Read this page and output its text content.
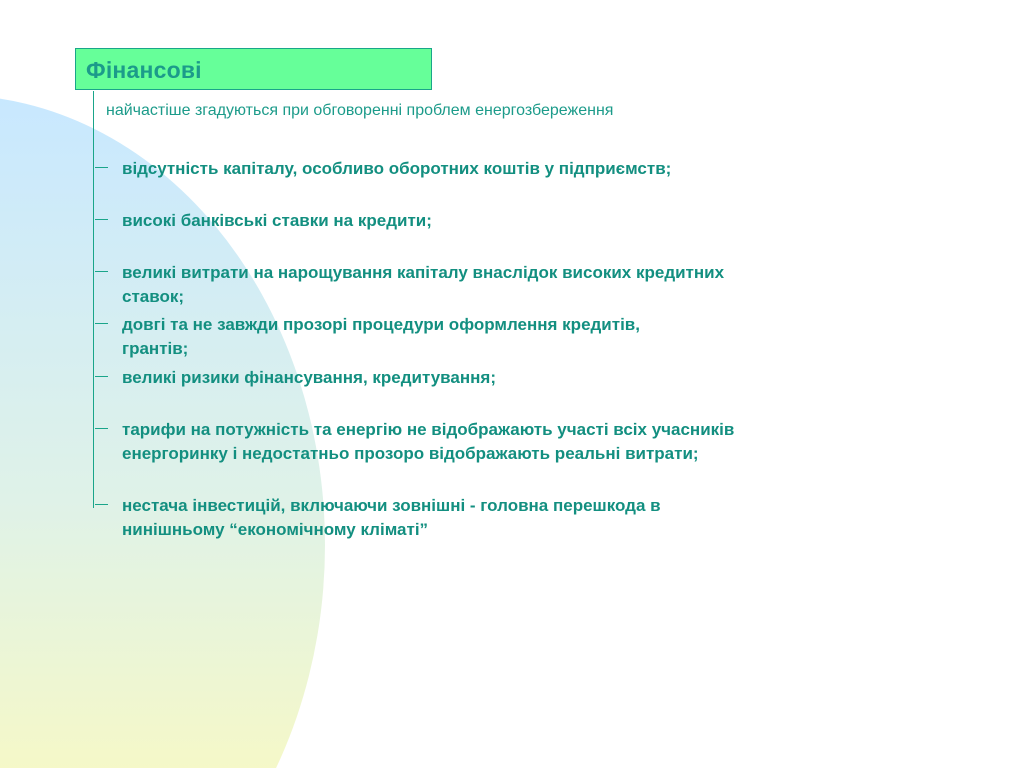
Фінансові
найчастіше згадуються при обговоренні проблем енергозбереження
відсутність капіталу, особливо оборотних коштів у підприємств;
високі банківські ставки на кредити;
великі витрати на нарощування капіталу внаслідок високих кредитних
ставок;
довгі та не завжди прозорі процедури оформлення кредитів,
грантів;
великі ризики фінансування, кредитування;
тарифи на потужність та енергію не відображають участі всіх учасників
енергоринку і недостатньо прозоро відображають реальні витрати;
нестача інвестицій, включаючи зовнішні - головна перешкода в
нинішньому “економічному кліматі”
